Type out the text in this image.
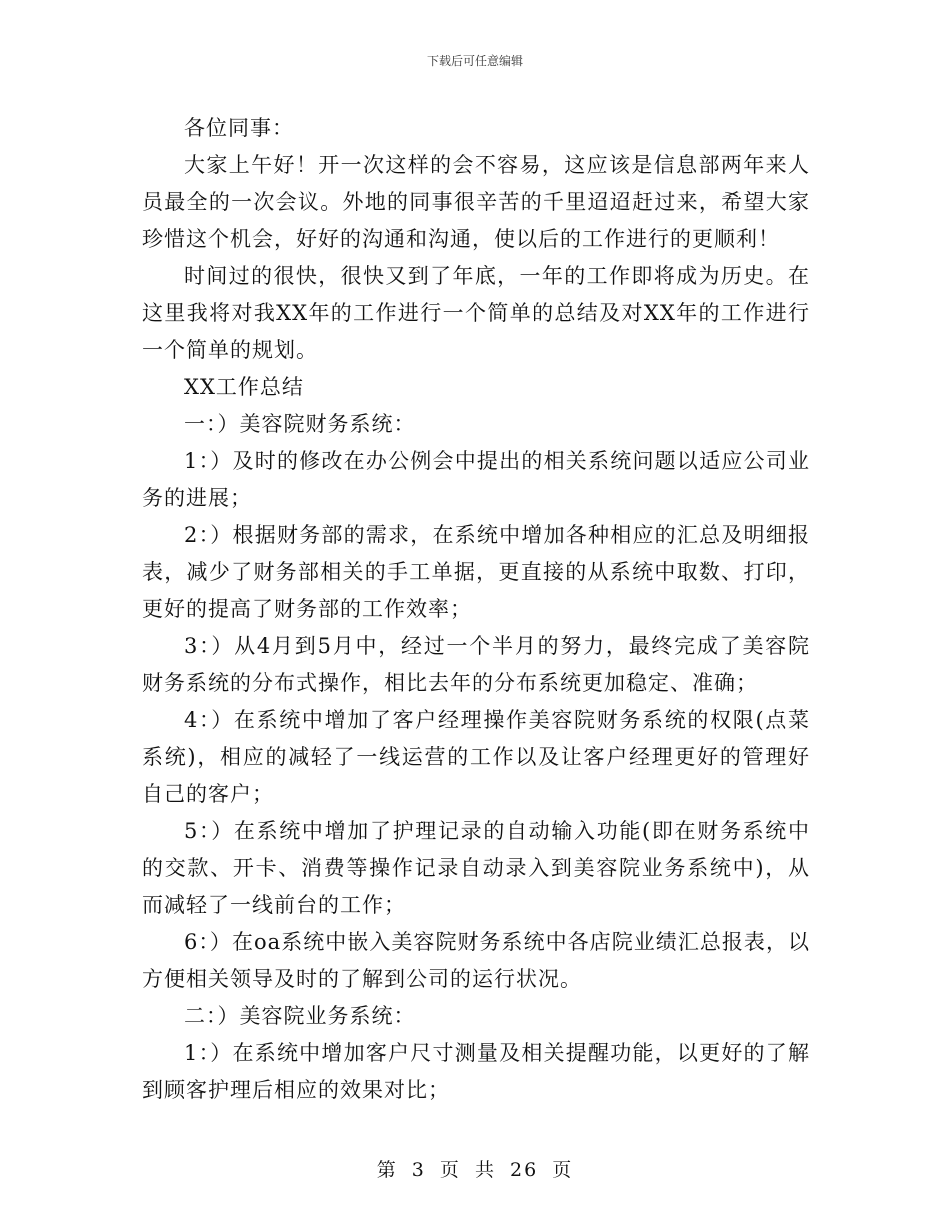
下载后可任意编辑

各位同事：

大家上午好！开一次这样的会不容易，这应该是信息部两年来人员最全的一次会议。外地的同事很辛苦的千里迢迢赶过来，希望大家珍惜这个机会，好好的沟通和沟通，使以后的工作进行的更顺利！

时间过的很快，很快又到了年底，一年的工作即将成为历史。在这里我将对我XX年的工作进行一个简单的总结及对XX年的工作进行一个简单的规划。

XX工作总结

一：）美容院财务系统：

1：）及时的修改在办公例会中提出的相关系统问题以适应公司业务的进展；

2：）根据财务部的需求，在系统中增加各种相应的汇总及明细报表，减少了财务部相关的手工单据，更直接的从系统中取数、打印，更好的提高了财务部的工作效率；

3：）从4月到5月中，经过一个半月的努力，最终完成了美容院财务系统的分布式操作，相比去年的分布系统更加稳定、准确；

4：）在系统中增加了客户经理操作美容院财务系统的权限(点菜系统)，相应的减轻了一线运营的工作以及让客户经理更好的管理好自己的客户；

5：）在系统中增加了护理记录的自动输入功能(即在财务系统中的交款、开卡、消费等操作记录自动录入到美容院业务系统中)，从而减轻了一线前台的工作；

6：）在oa系统中嵌入美容院财务系统中各店院业绩汇总报表，以方便相关领导及时的了解到公司的运行状况。

二：）美容院业务系统：

1：）在系统中增加客户尺寸测量及相关提醒功能，以更好的了解到顾客护理后相应的效果对比；

第 3 页 共 26 页
